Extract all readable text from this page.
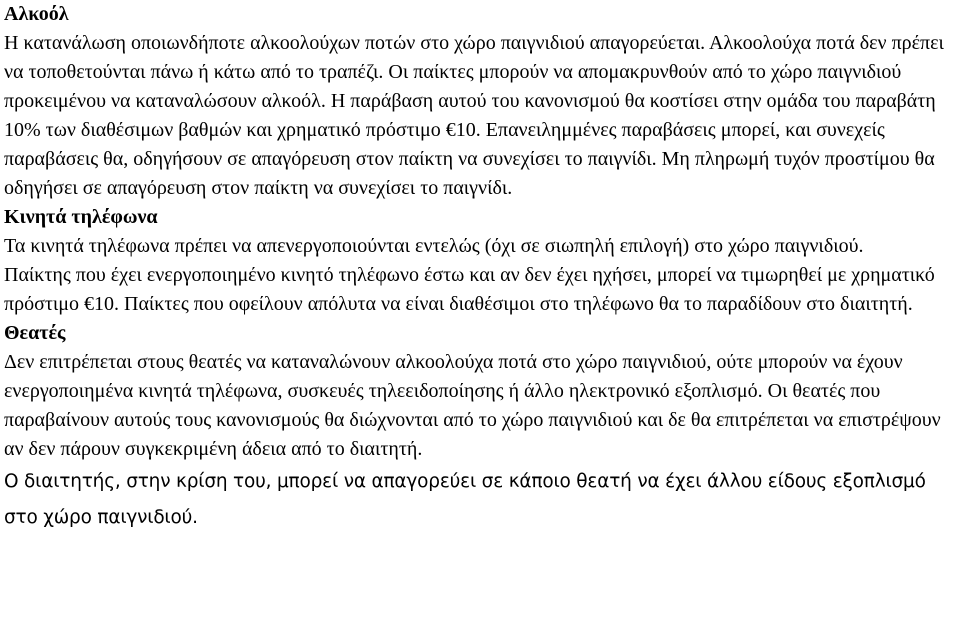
Αλκοόλ

Η κατανάλωση οποιωνδήποτε αλκοολούχων ποτών στο χώρο παιγνιδιού απαγορεύεται. Αλκοολούχα ποτά δεν πρέπει να τοποθετούνται πάνω ή κάτω από το τραπέζι. Οι παίκτες μπορούν να απομακρυνθούν από το χώρο παιγνιδιού προκειμένου να καταναλώσουν αλκοόλ. Η παράβαση αυτού του κανονισμού θα κοστίσει στην ομάδα του παραβάτη 10% των διαθέσιμων βαθμών και χρηματικό πρόστιμο €10. Επανειλημμένες παραβάσεις μπορεί, και συνεχείς παραβάσεις θα, οδηγήσουν σε απαγόρευση στον παίκτη να συνεχίσει το παιγνίδι. Μη πληρωμή τυχόν προστίμου θα οδηγήσει σε απαγόρευση στον παίκτη να συνεχίσει το παιγνίδι.

Κινητά τηλέφωνα

Τα κινητά τηλέφωνα πρέπει να απενεργοποιούνται εντελώς (όχι σε σιωπηλή επιλογή) στο χώρο παιγνιδιού.

Παίκτης που έχει ενεργοποιημένο κινητό τηλέφωνο έστω και αν δεν έχει ηχήσει, μπορεί να τιμωρηθεί με χρηματικό πρόστιμο €10. Παίκτες που οφείλουν απόλυτα να είναι διαθέσιμοι στο τηλέφωνο θα το παραδίδουν στο διαιτητή.

Θεατές

Δεν επιτρέπεται στους θεατές να καταναλώνουν αλκοολούχα ποτά στο χώρο παιγνιδιού, ούτε μπορούν να έχουν ενεργοποιημένα κινητά τηλέφωνα, συσκευές τηλεειδοποίησης ή άλλο ηλεκτρονικό εξοπλισμό. Οι θεατές που παραβαίνουν αυτούς τους κανονισμούς θα διώχνονται από το χώρο παιγνιδιού και δε θα επιτρέπεται να επιστρέψουν αν δεν πάρουν συγκεκριμένη άδεια από το διαιτητή.

Ο διαιτητής, στην κρίση του, μπορεί να απαγορεύει σε κάποιο θεατή να έχει άλλου είδους εξοπλισμό στο χώρο παιγνιδιού.
